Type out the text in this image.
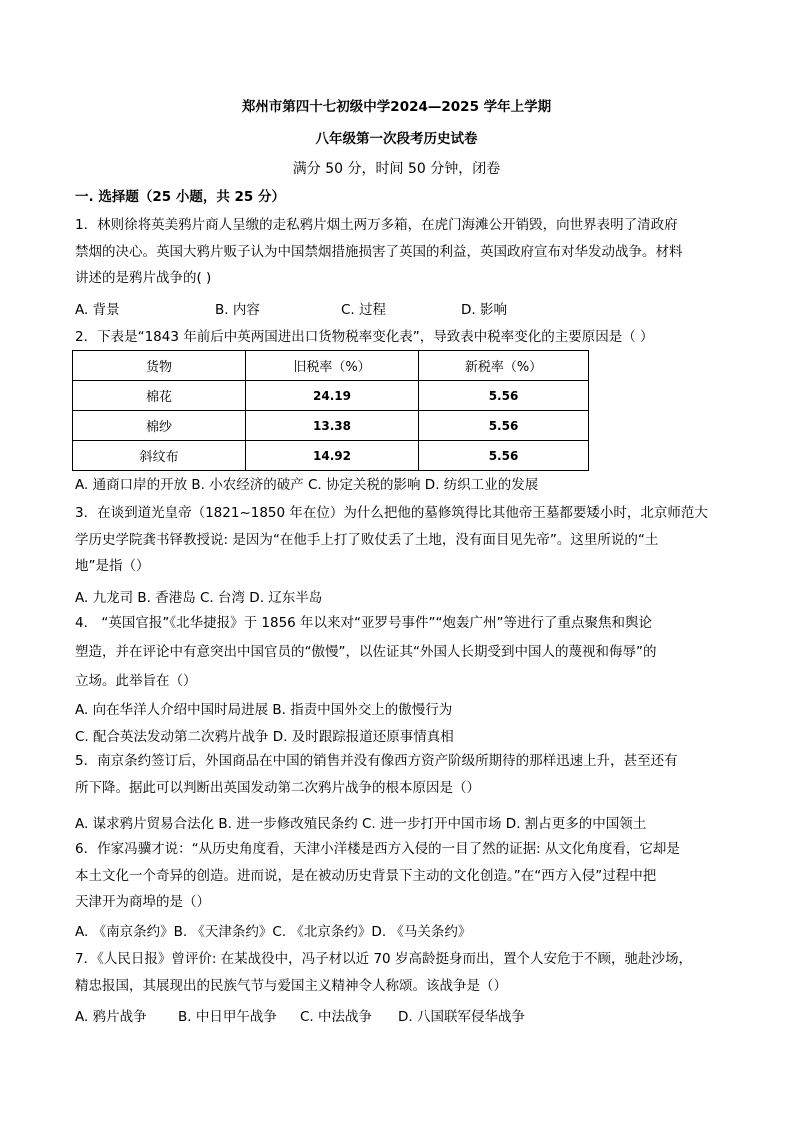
郑州市第四十七初级中学2024—2025 学年上学期
八年级第一次段考历史试卷
满分 50 分，时间 50 分钟，闭卷
一. 选择题（25 小题，共 25 分）
1．林则徐将英美鸦片商人呈缴的走私鸦片烟土两万多箱，在虎门海滩公开销毁，向世界表明了清政府
禁烟的决心。英国大鸦片贩子认为中国禁烟措施损害了英国的利益，英国政府宣布对华发动战争。材料
讲述的是鸦片战争的( )
A. 背景	B. 内容	C. 过程	D. 影响
2．下表是“1843 年前后中英两国进出口货物税率变化表”，导致表中税率变化的主要原因是（ ）
货物	旧税率（%）	新税率（%）
棉花	24.19	5.56
棉纱	13.38	5.56
斜纹布	14.92	5.56
A. 通商口岸的开放 B. 小农经济的破产 C. 协定关税的影响 D. 纺织工业的发展
3．在谈到道光皇帝（1821~1850 年在位）为什么把他的墓修筑得比其他帝王墓都要矮小时，北京师范大
学历史学院龚书铎教授说: 是因为“在他手上打了败仗丢了土地，没有面目见先帝”。这里所说的“土
地”是指（）
A. 九龙司 B. 香港岛 C. 台湾 D. 辽东半岛
4． “英国官报”《北华捷报》于 1856 年以来对“亚罗号事件”“炮轰广州”等进行了重点聚焦和舆论
塑造，并在评论中有意突出中国官员的“傲慢”，以佐证其“外国人长期受到中国人的蔑视和侮辱”的
立场。此举旨在（）
A. 向在华洋人介绍中国时局进展 B. 指责中国外交上的傲慢行为
C. 配合英法发动第二次鸦片战争 D. 及时跟踪报道还原事情真相
5．南京条约签订后，外国商品在中国的销售并没有像西方资产阶级所期待的那样迅速上升，甚至还有
所下降。据此可以判断出英国发动第二次鸦片战争的根本原因是（）
A. 谋求鸦片贸易合法化 B. 进一步修改殖民条约 C. 进一步打开中国市场 D. 割占更多的中国领土
6．作家冯骥才说：“从历史角度看，天津小洋楼是西方入侵的一目了然的证据: 从文化角度看，它却是
本土文化一个奇异的创造。进而说，是在被动历史背景下主动的文化创造。”在“西方入侵”过程中把
天津开为商埠的是（）
A. 《南京条约》B. 《天津条约》C. 《北京条约》D. 《马关条约》
7．《人民日报》曾评价: 在某战役中，冯子材以近 70 岁高龄挺身而出，置个人安危于不顾，驰赴沙场，
精忠报国，其展现出的民族气节与爱国主义精神令人称颂。该战争是（）
A. 鸦片战争 B. 中日甲午战争 C. 中法战争 D. 八国联军侵华战争
